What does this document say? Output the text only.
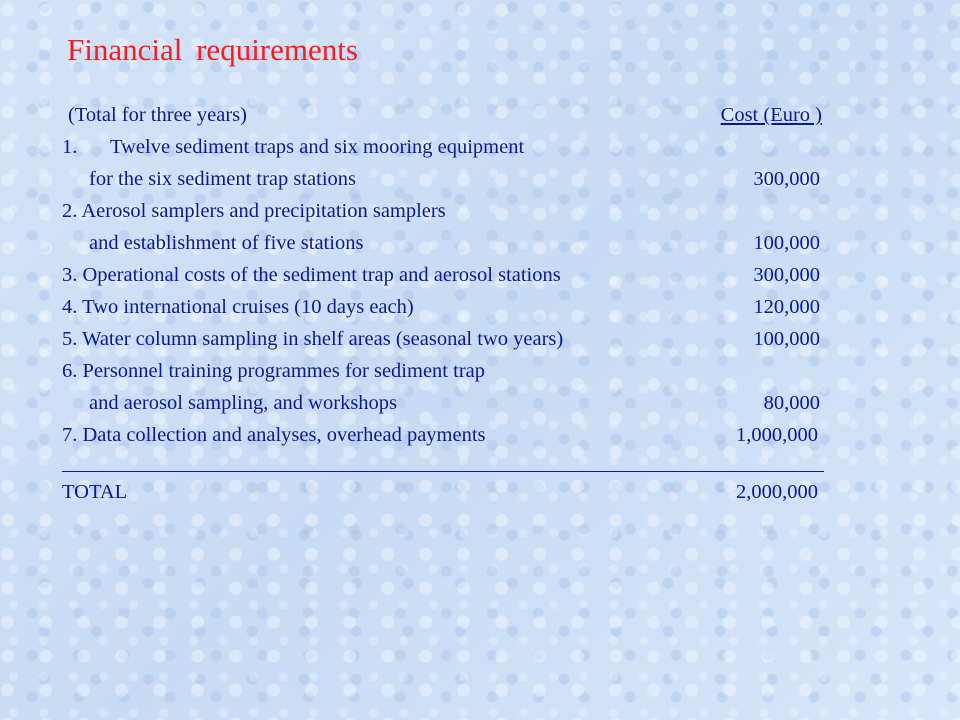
Financial requirements
(Total for three years)	Cost (Euro )
1. Twelve sediment traps and six mooring equipment
for the six sediment trap stations	300,000
2. Aerosol samplers and precipitation samplers
and establishment of five stations	100,000
3. Operational costs of the sediment trap and aerosol stations	300,000
4. Two international cruises (10 days each)	120,000
5. Water column sampling in shelf areas (seasonal two years)	100,000
6. Personnel training programmes for sediment trap
and aerosol sampling, and workshops	80,000
7. Data collection and analyses, overhead payments	1,000,000
TOTAL	2,000,000
